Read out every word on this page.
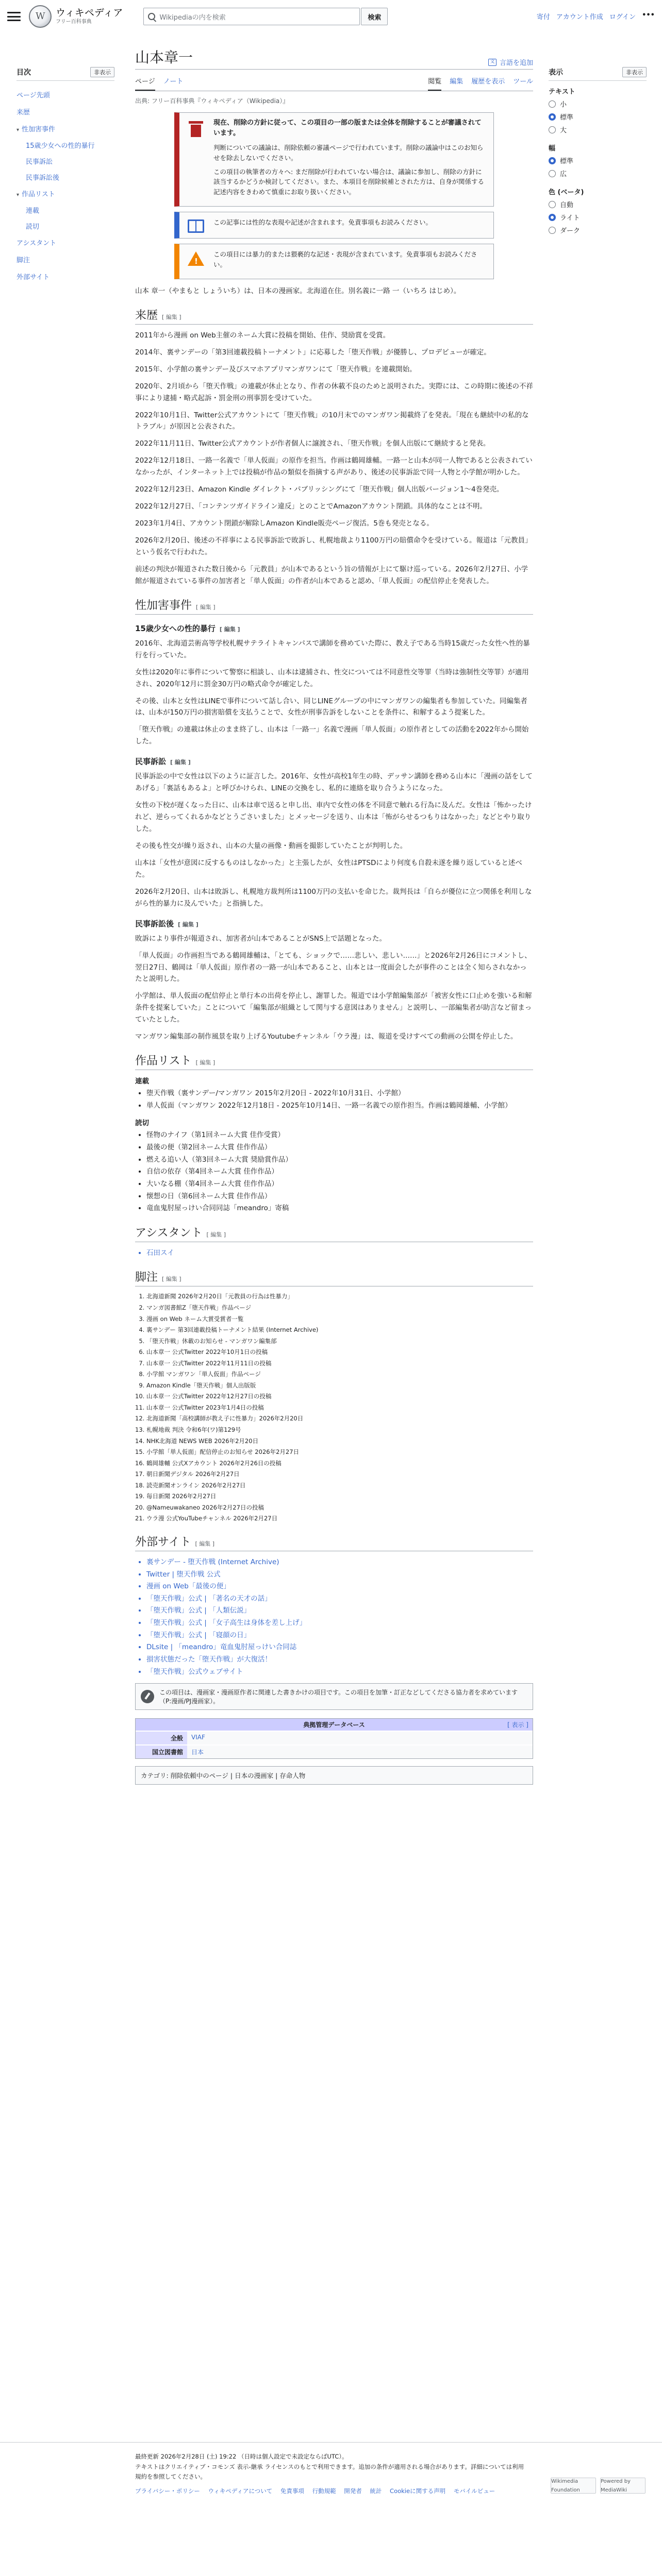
W
ウィキペディア
フリー百科事典
Wikipediaの内を検索	検索	寄付 アカウント作成 ログイン •••
目次	非表示
ページ先頭
来歴
▾ 性加害事件
15歳少女への性的暴行
民事訴訟
民事訴訟後
▾ 作品リスト
連載
読切
アシスタント
脚注
外部サイト
表示	非表示
テキスト
小
標準
大
幅
標準
広
色 (ベータ)
自動
ライト
ダーク
山本章一	文 言語を追加
ページ ノート	閲覧 編集 履歴を表示 ツール
出典: フリー百科事典『ウィキペディア（Wikipedia）』

現在、削除の方針に従って、この項目の一部の版または全体を削除することが審議されています。

判断についての議論は、削除依頼の審議ページで行われています。削除の議論中はこのお知らせを除去しないでください。

この項目の執筆者の方々へ: まだ削除が行われていない場合は、議論に参加し、削除の方針に該当するかどうか検討してください。また、本項目を削除候補とされた方は、自身が関係する記述内容をきわめて慎重にお取り扱いください。

この記事には性的な表現や記述が含まれます。免責事項もお読みください。

!

この項目には暴力的または猥褻的な記述・表現が含まれています。免責事項もお読みください。

山本 章一（やまもと しょういち）は、日本の漫画家。北海道在住。別名義に一路 一（いちろ はじめ）。

来歴 [ 編集 ]

2011年から漫画 on Web主催のネーム大賞に投稿を開始、佳作、奨励賞を受賞。

2014年、裏サンデーの「第3回連載投稿トーナメント」に応募した「堕天作戦」が優勝し、プロデビューが確定。

2015年、小学館の裏サンデー及びスマホアプリマンガワンにて「堕天作戦」を連載開始。

2020年、2月頃から「堕天作戦」の連載が休止となり、作者の休載不良のためと説明された。実際には、この時期に後述の不祥事により逮捕・略式起訴・罰金刑の刑事罰を受けていた。

2022年10月1日、Twitter公式アカウントにて「堕天作戦」の10月末でのマンガワン掲載終了を発表。「現在も継続中の私的なトラブル」が原因と公表された。

2022年11月11日、Twitter公式アカウントが作者個人に譲渡され、「堕天作戦」を個人出版にて継続すると発表。

2022年12月18日、一路一名義で「単人仮面」の原作を担当。作画は鶴岡雄輔。一路一と山本が同一人物であると公表されていなかったが、インターネット上では投稿が作品の類似を指摘する声があり、後述の民事訴訟で同一人物と小学館が明かした。

2022年12月23日、Amazon Kindle ダイレクト・パブリッシングにて「堕天作戦」個人出版バージョン1〜4巻発売。

2022年12月27日、「コンテンツガイドライン違反」とのことでAmazonアカウント閉鎖。具体的なことは不明。

2023年1月4日、アカウント閉鎖が解除しAmazon Kindle販売ページ復活。5巻も発売となる。

2026年2月20日、後述の不祥事による民事訴訟で敗訴し、札幌地裁より1100万円の賠償命令を受けている。報道は「元教員」という仮名で行われた。

前述の判決が報道された数日後から「元教員」が山本であるという旨の情報が上にて駆け巡っている。2026年2月27日、小学館が報道されている事件の加害者と「単人仮面」の作者が山本であると認め、「単人仮面」の配信停止を発表した。

性加害事件 [ 編集 ]
15歳少女への性的暴行 [ 編集 ]

2016年、北海道芸術高等学校札幌サテライトキャンパスで講師を務めていた際に、教え子である当時15歳だった女性へ性的暴行を行っていた。

女性は2020年に事件について警察に相談し、山本は逮捕され、性交については不同意性交等罪（当時は強制性交等罪）が適用され、2020年12月に罰金30万円の略式命令が確定した。

その後、山本と女性はLINEで事件について話し合い、同じLINEグループの中にマンガワンの編集者も参加していた。同編集者は、山本が150万円の損害賠償を支払うことで、女性が刑事告訴をしないことを条件に、和解するよう提案した。

「堕天作戦」の連載は休止のまま終了し、山本は「一路一」名義で漫画「単人仮面」の原作者としての活動を2022年から開始した。

民事訴訟 [ 編集 ]

民事訴訟の中で女性は以下のように証言した。2016年、女性が高校1年生の時、デッサン講師を務める山本に「漫画の話をしてあげる」「裏話もあるよ」と呼びかけられ、LINEの交換をし、私的に連絡を取り合うようになった。

女性の下校が遅くなった日に、山本は車で送ると申し出、車内で女性の体を不同意で触れる行為に及んだ。女性は「怖かったけれど、逆らってくれるかなどとうごさいました」とメッセージを送り、山本は「怖がらせるつもりはなかった」などとやり取りした。

その後も性交が繰り返され、山本の大量の画像・動画を撮影していたことが判明した。

山本は「女性が意図に反するものはしなかった」と主張したが、女性はPTSDにより何度も自殺未遂を繰り返していると述べた。

2026年2月20日、山本は敗訴し、札幌地方裁判所は1100万円の支払いを命じた。裁判長は「自らが優位に立つ関係を利用しながら性的暴力に及んでいた」と指摘した。

民事訴訟後 [ 編集 ]

敗訴により事件が報道され、加害者が山本であることがSNS上で話題となった。

「単人仮面」の作画担当である鶴岡雄輔は、「とても、ショックで……悲しい、悲しい……」と2026年2月26日にコメントし、翌日27日、鶴岡は「単人仮面」原作者の一路一が山本であること、山本とは一度面会したが事件のことは全く知らされなかったと説明した。

小学館は、単人仮面の配信停止と単行本の出荷を停止し、謝罪した。報道では小学館編集部が「被害女性に口止めを強いる和解条件を提案していた」ことについて「編集部が組織として関与する意図はありません」と説明し、一部編集者が助言など留まっていたとした。

マンガワン編集部の制作風景を取り上げるYoutubeチャンネル「ウラ漫」は、報道を受けすべての動画の公開を停止した。

作品リスト [ 編集 ]
連載
• 堕天作戦（裏サンデー/マンガワン 2015年2月20日 - 2022年10月31日、小学館）
• 単人仮面（マンガワン 2022年12月18日 - 2025年10月14日、一路一名義での原作担当。作画は鶴岡雄輔、小学館）
読切
• 怪物のナイフ（第1回ネーム大賞 佳作受賞）
• 最後の便（第2回ネーム大賞 佳作作品）
• 燃える追い人（第3回ネーム大賞 奨励賞作品）
• 自信の依存（第4回ネーム大賞 佳作作品）
• 大いなる棚（第4回ネーム大賞 佳作作品）
• 懐想の日（第6回ネーム大賞 佳作作品）
• 竜血鬼肘屋っけい合同同誌「meandro」寄稿
アシスタント [ 編集 ]
• 石田スイ
脚注 [ 編集 ]
1. 北海道新聞 2026年2月20日「元教員の行為は性暴力」
2. マンガ図書館Z「堕天作戦」作品ページ
3. 漫画 on Web ネーム大賞受賞者一覧
4. 裏サンデー 第3回連載投稿トーナメント結果 (Internet Archive)
5. 「堕天作戦」休載のお知らせ - マンガワン編集部
6. 山本章一 公式Twitter 2022年10月1日の投稿
7. 山本章一 公式Twitter 2022年11月11日の投稿
8. 小学館 マンガワン「単人仮面」作品ページ
9. Amazon Kindle「堕天作戦」個人出版版
10. 山本章一 公式Twitter 2022年12月27日の投稿
11. 山本章一 公式Twitter 2023年1月4日の投稿
12. 北海道新聞「高校講師が教え子に性暴力」2026年2月20日
13. 札幌地裁 判決 令和6年(ワ)第129号
14. NHK北海道 NEWS WEB 2026年2月20日
15. 小学館「単人仮面」配信停止のお知らせ 2026年2月27日
16. 鶴岡雄輔 公式Xアカウント 2026年2月26日の投稿
17. 朝日新聞デジタル 2026年2月27日
18. 読売新聞オンライン 2026年2月27日
19. 毎日新聞 2026年2月27日
20. @Nameuwakaneo 2026年2月27日の投稿
21. ウラ漫 公式YouTubeチャンネル 2026年2月27日
外部サイト [ 編集 ]
• 裏サンデー - 堕天作戦 (Internet Archive)
• Twitter | 堕天作戦 公式
• 漫画 on Web「最後の便」
• 「堕天作戦」公式 | 「著名の天才の話」
• 「堕天作戦」公式 | 「人類伝説」
• 「堕天作戦」公式 | 「女子高生は身体を差し上げ」
• 「堕天作戦」公式 | 「寝顔の日」
• DLsite | 「meandro」竜血鬼肘屋っけい合同誌
• 損害状態だった「堕天作戦」が大復活！
• 「堕天作戦」公式ウェブサイト
この項目は、漫画家・漫画原作者に関連した書きかけの項目です。この項目を加筆・訂正などしてくださる協力者を求めています（P:漫画/PJ漫画家）。
典拠管理データベース	[ 表示 ]
全般	VIAF
国立図書館	日本
カテゴリ: 削除依頼中のページ | 日本の漫画家 | 存命人物
最終更新 2026年2月28日 (土) 19:22 （日時は個人設定で未設定ならばUTC）。
テキストはクリエイティブ・コモンズ 表示-継承 ライセンスのもとで利用できます。追加の条件が適用される場合があります。詳細については利用規約を参照してください。
プライバシー・ポリシー ウィキペディアについて 免責事項 行動規範 開発者 統計 Cookieに関する声明 モバイルビュー
Wikimedia Foundation
Powered by MediaWiki
